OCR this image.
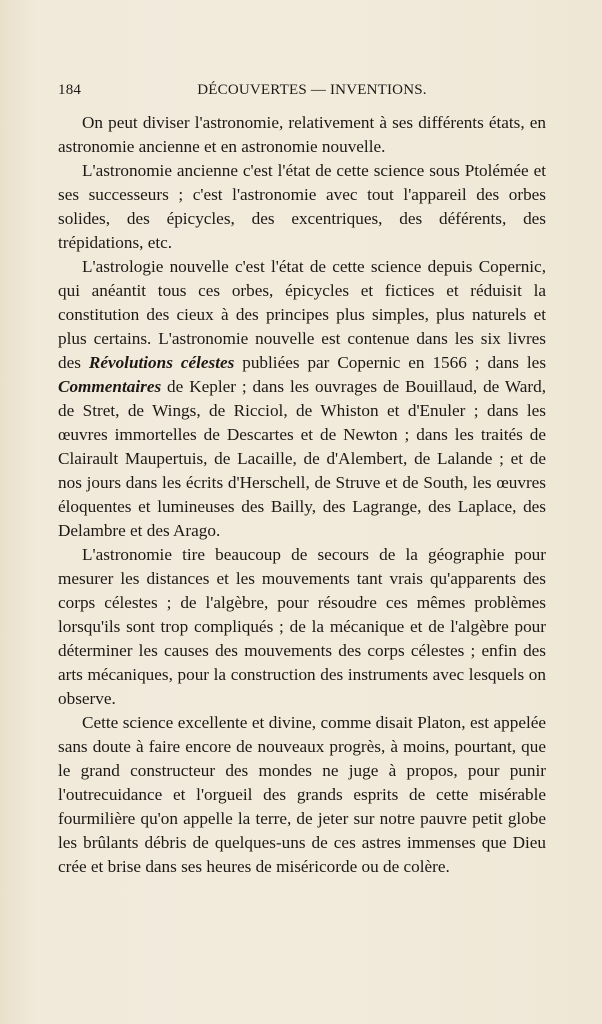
184	DÉCOUVERTES — INVENTIONS.

On peut diviser l'astronomie, relativement à ses différents états, en astronomie ancienne et en astronomie nouvelle.

L'astronomie ancienne c'est l'état de cette science sous Ptolémée et ses successeurs ; c'est l'astronomie avec tout l'appareil des orbes solides, des épicycles, des excentriques, des déférents, des trépidations, etc.

L'astrologie nouvelle c'est l'état de cette science depuis Copernic, qui anéantit tous ces orbes, épicycles et fictices et réduisit la constitution des cieux à des principes plus simples, plus naturels et plus certains. L'astronomie nouvelle est contenue dans les six livres des Révolutions célestes publiées par Copernic en 1566 ; dans les Commentaires de Kepler ; dans les ouvrages de Bouillaud, de Ward, de Stret, de Wings, de Ricciol, de Whiston et d'Enuler ; dans les œuvres immortelles de Descartes et de Newton ; dans les traités de Clairault Maupertuis, de Lacaille, de d'Alembert, de Lalande ; et de nos jours dans les écrits d'Herschell, de Struve et de South, les œuvres éloquentes et lumineuses des Bailly, des Lagrange, des Laplace, des Delambre et des Arago.

L'astronomie tire beaucoup de secours de la géographie pour mesurer les distances et les mouvements tant vrais qu'apparents des corps célestes ; de l'algèbre, pour résoudre ces mêmes problèmes lorsqu'ils sont trop compliqués ; de la mécanique et de l'algèbre pour déterminer les causes des mouvements des corps célestes ; enfin des arts mécaniques, pour la construction des instruments avec lesquels on observe.

Cette science excellente et divine, comme disait Platon, est appelée sans doute à faire encore de nouveaux progrès, à moins, pourtant, que le grand constructeur des mondes ne juge à propos, pour punir l'outrecuidance et l'orgueil des grands esprits de cette misérable fourmilière qu'on appelle la terre, de jeter sur notre pauvre petit globe les brûlants débris de quelques-uns de ces astres immenses que Dieu crée et brise dans ses heures de miséricorde ou de colère.
